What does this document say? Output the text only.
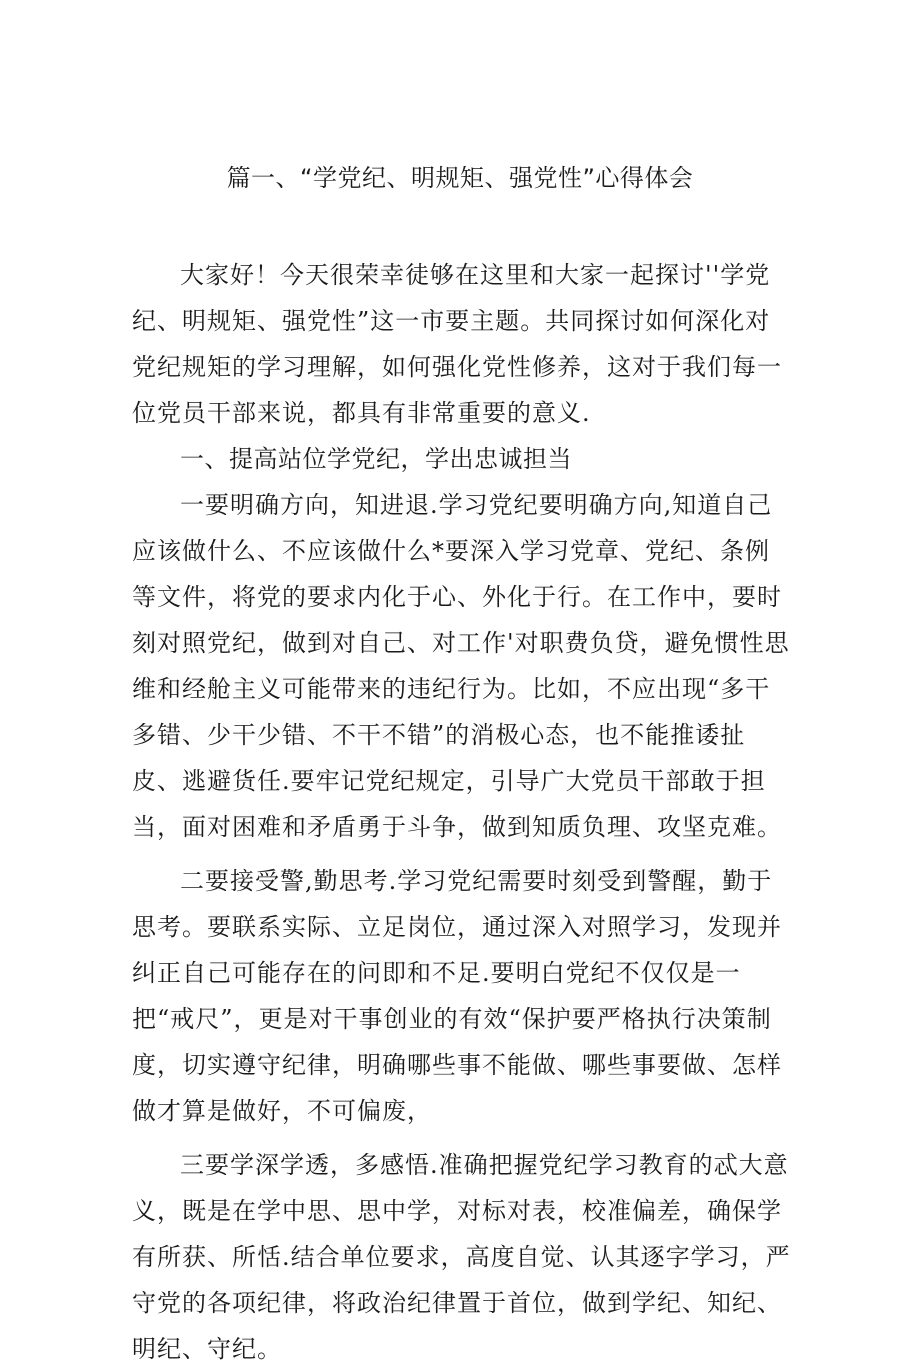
篇一、“学党纪、明规矩、强党性”心得体会

大家好！今天很荣幸徒够在这里和大家一起探讨''学党纪、明规矩、强党性”这一市要主题。共同探讨如何深化对党纪规矩的学习理解，如何强化党性修养，这对于我们每一位党员干部来说，都具有非常重要的意义.

一、提高站位学党纪，学出忠诚担当

一要明确方向，知进退.学习党纪要明确方向,知道自己应该做什么、不应该做什么*要深入学习党章、党纪、条例等文件，将党的要求内化于心、外化于行。在工作中，要时刻对照党纪，做到对自己、对工作'对职费负贷，避免惯性思维和经舱主义可能带来的违纪行为。比如，不应出现“多干多错、少干少错、不干不错”的消极心态，也不能推诿扯皮、逃避货任.要牢记党纪规定，引导广大党员干部敢于担当，面对困难和矛盾勇于斗争，做到知质负理、攻坚克难。

二要接受警,勤思考.学习党纪需要时刻受到警醒，勤于思考。要联系实际、立足岗位，通过深入对照学习，发现并纠正自己可能存在的问即和不足.要明白党纪不仅仅是一把“戒尺”，更是对干事创业的有效“保护要严格执行决策制度，切实遵守纪律，明确哪些事不能做、哪些事要做、怎样做才算是做好，不可偏废，

三要学深学透，多感悟.准确把握党纪学习教育的忒大意义，既是在学中思、思中学，对标对表，校准偏差，确保学有所获、所恬.结合单位要求，高度自觉、认其逐字学习，严守党的各项纪律，将政治纪律置于首位，做到学纪、知纪、明纪、守纪。
